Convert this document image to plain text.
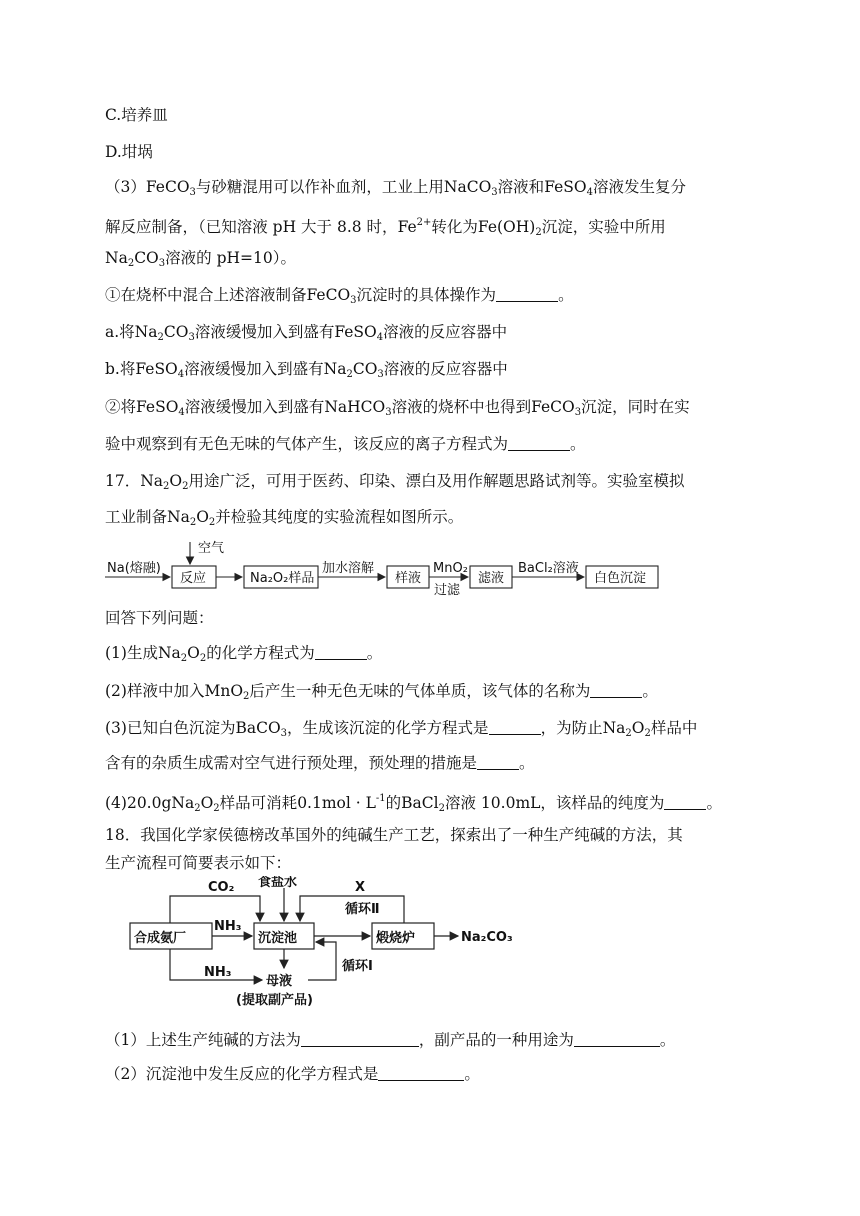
C.培养皿
D.坩埚
（3）FeCO$_3$与砂糖混用可以作补血剂，工业上用NaCO$_3$溶液和FeSO$_4$溶液发生复分
解反应制备，（已知溶液 pH 大于 8.8 时，$Fe^{2+}$转化为$Fe(OH)_2$沉淀，实验中所用
$Na_2CO_3$溶液的 pH=10）。
①在烧杯中混合上述溶液制备FeCO$_3$沉淀时的具体操作为	。
a.将$Na_2CO_3$溶液缓慢加入到盛有FeSO$_4$溶液的反应容器中
b.将FeSO$_4$溶液缓慢加入到盛有$Na_2CO_3$溶液的反应容器中
②将FeSO$_4$溶液缓慢加入到盛有NaHCO$_3$溶液的烧杯中也得到FeCO$_3$沉淀，同时在实
验中观察到有无色无味的气体产生，该反应的离子方程式为	。
17．$Na_2O_2$用途广泛，可用于医药、印染、漂白及用作解题思路试剂等。实验室模拟
工业制备$Na_2O_2$并检验其纯度的实验流程如图所示。
Na(熔融)
空气
反应	Na₂O₂样品
加水溶解
样液
MnO₂
过滤
滤液
BaCl₂溶液
白色沉淀
回答下列问题：
(1)生成$Na_2O_2$的化学方程式为	。
(2)样液中加入MnO$_2$后产生一种无色无味的气体单质，该气体的名称为	。
(3)已知白色沉淀为BaCO$_3$，生成该沉淀的化学方程式是	，为防止$Na_2O_2$样品中
含有的杂质生成需对空气进行预处理，预处理的措施是	。
$(4)20.0gNa_2O_2$样品可消耗$0.1mol \cdot L^{-1}$的BaCl$_2$溶液 10.0mL，该样品的纯度为	。
18．我国化学家侯德榜改革国外的纯碱生产工艺，探索出了一种生产纯碱的方法，其
生产流程可简要表示如下：
CO₂ 食盐水	X
循环Ⅱ
NH₃
合成氨厂	沉淀池	煅烧炉	Na₂CO₃
NH₃
母液
(提取副产品)
循环Ⅰ
（1）上述生产纯碱的方法为	，副产品的一种用途为	。
（2）沉淀池中发生反应的化学方程式是	。
